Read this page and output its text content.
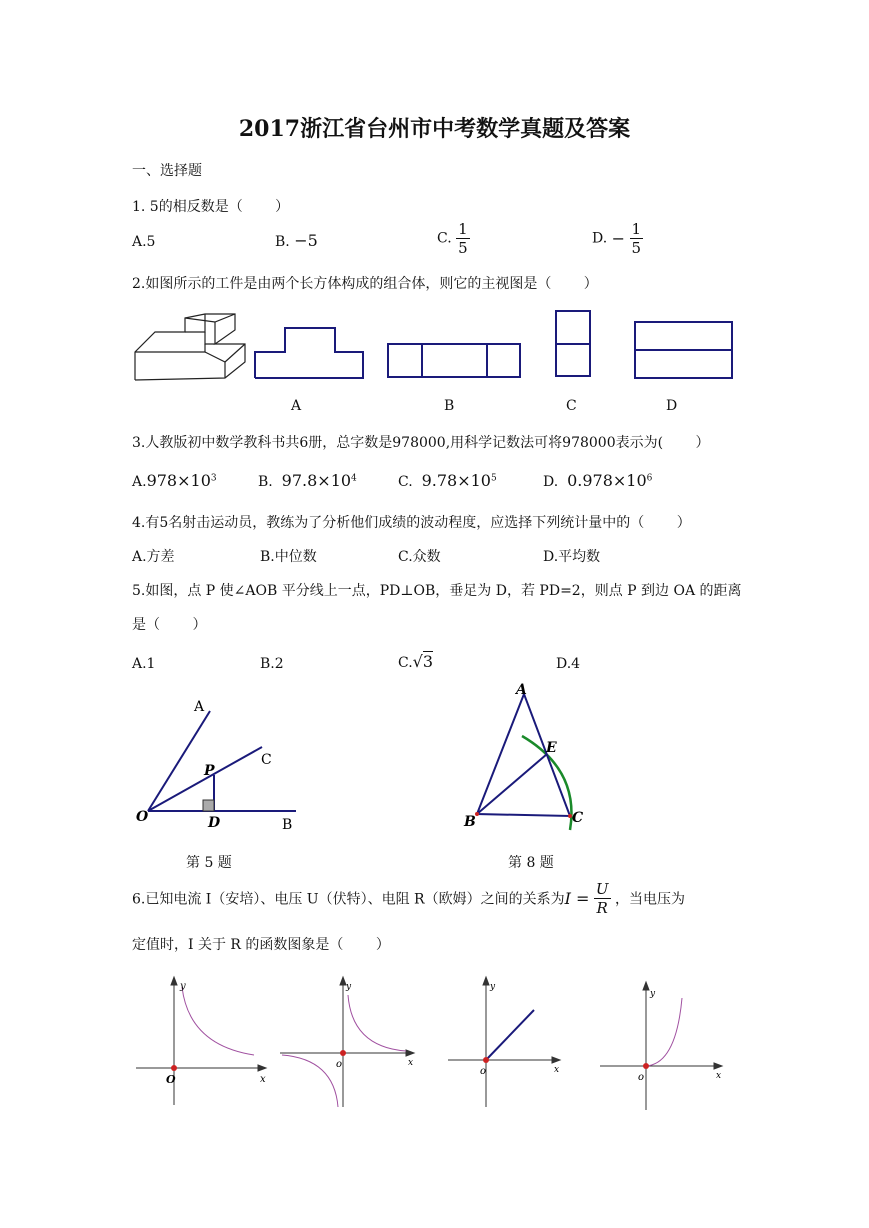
2017浙江省台州市中考数学真题及答案
一、选择题
1. 5的相反数是（　　 ）
A.5	B. −5	C. $\frac{1}{5}$	D. − $\frac{1}{5}$
2.如图所示的工件是由两个长方体构成的组合体，则它的主视图是（　　 ）
A	B	C	D
3.人教版初中数学教科书共6册，总字数是978000,用科学记数法可将978000表示为(　　 ）
$A.978\times 10^3$	B. $97.8\times 10^4$	C. $9.78\times 10^5$	D. $0.978\times 10^6$
4.有5名射击运动员，教练为了分析他们成绩的波动程度，应选择下列统计量中的（　　 ）
A.方差	B.中位数	C.众数	D.平均数
5.如图，点 P 使∠AOB 平分线上一点，PD⊥OB，垂足为 D，若 PD=2，则点 P 到边 OA 的距离
是（　　 ）
A.1	B.2	C.√3	D.4
A
C
P
O	D	B
第 5 题
A
E
B	C
第 8 题
6.已知电流 I（安培）、电压 U（伏特）、电阻 R（欧姆）之间的关系为$I = \frac{U}{R}$ ，当电压为
定值时，I 关于 R 的函数图象是（　　 ）
y
x
O
y
x
o
y
x
o
y
x
o
